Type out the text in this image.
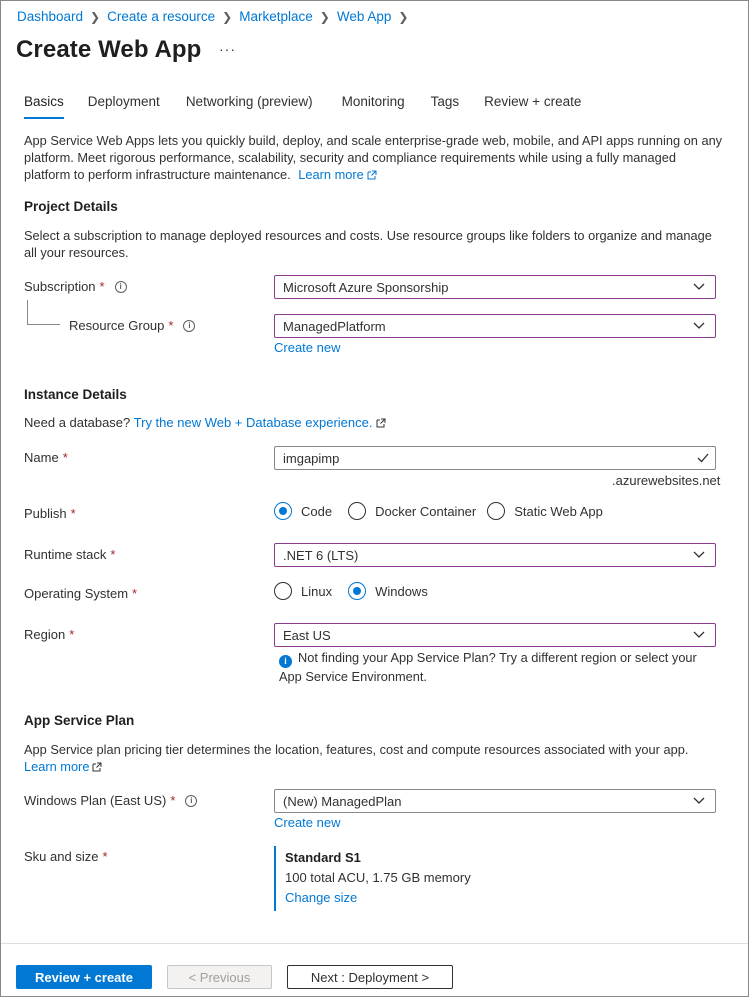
Dashboard ❯ Create a resource ❯ Marketplace ❯ Web App ❯
Create Web App ···
Basics Deployment Networking (preview) Monitoring Tags Review + create
App Service Web Apps lets you quickly build, deploy, and scale enterprise-grade web, mobile, and API apps running on any platform. Meet rigorous performance, scalability, security and compliance requirements while using a fully managed platform to perform infrastructure maintenance. Learn more
Project Details
Select a subscription to manage deployed resources and costs. Use resource groups like folders to organize and manage all your resources.
Subscription *	i	Microsoft Azure Sponsorship
Resource Group *	i	ManagedPlatform
Create new
Instance Details
Need a database? Try the new Web + Database experience.
Name *	imgapimp
.azurewebsites.net
Publish *	Code	Docker Container	Static Web App
Runtime stack *	.NET 6 (LTS)
Operating System *	Linux	Windows
Region *	East US
i Not finding your App Service Plan? Try a different region or select your App Service Environment.
App Service Plan
App Service plan pricing tier determines the location, features, cost and compute resources associated with your app.
Learn more
Windows Plan (East US) *	i	(New) ManagedPlan
Create new
Sku and size *	Standard S1
100 total ACU, 1.75 GB memory
Change size
Review + create	< Previous	Next : Deployment >
